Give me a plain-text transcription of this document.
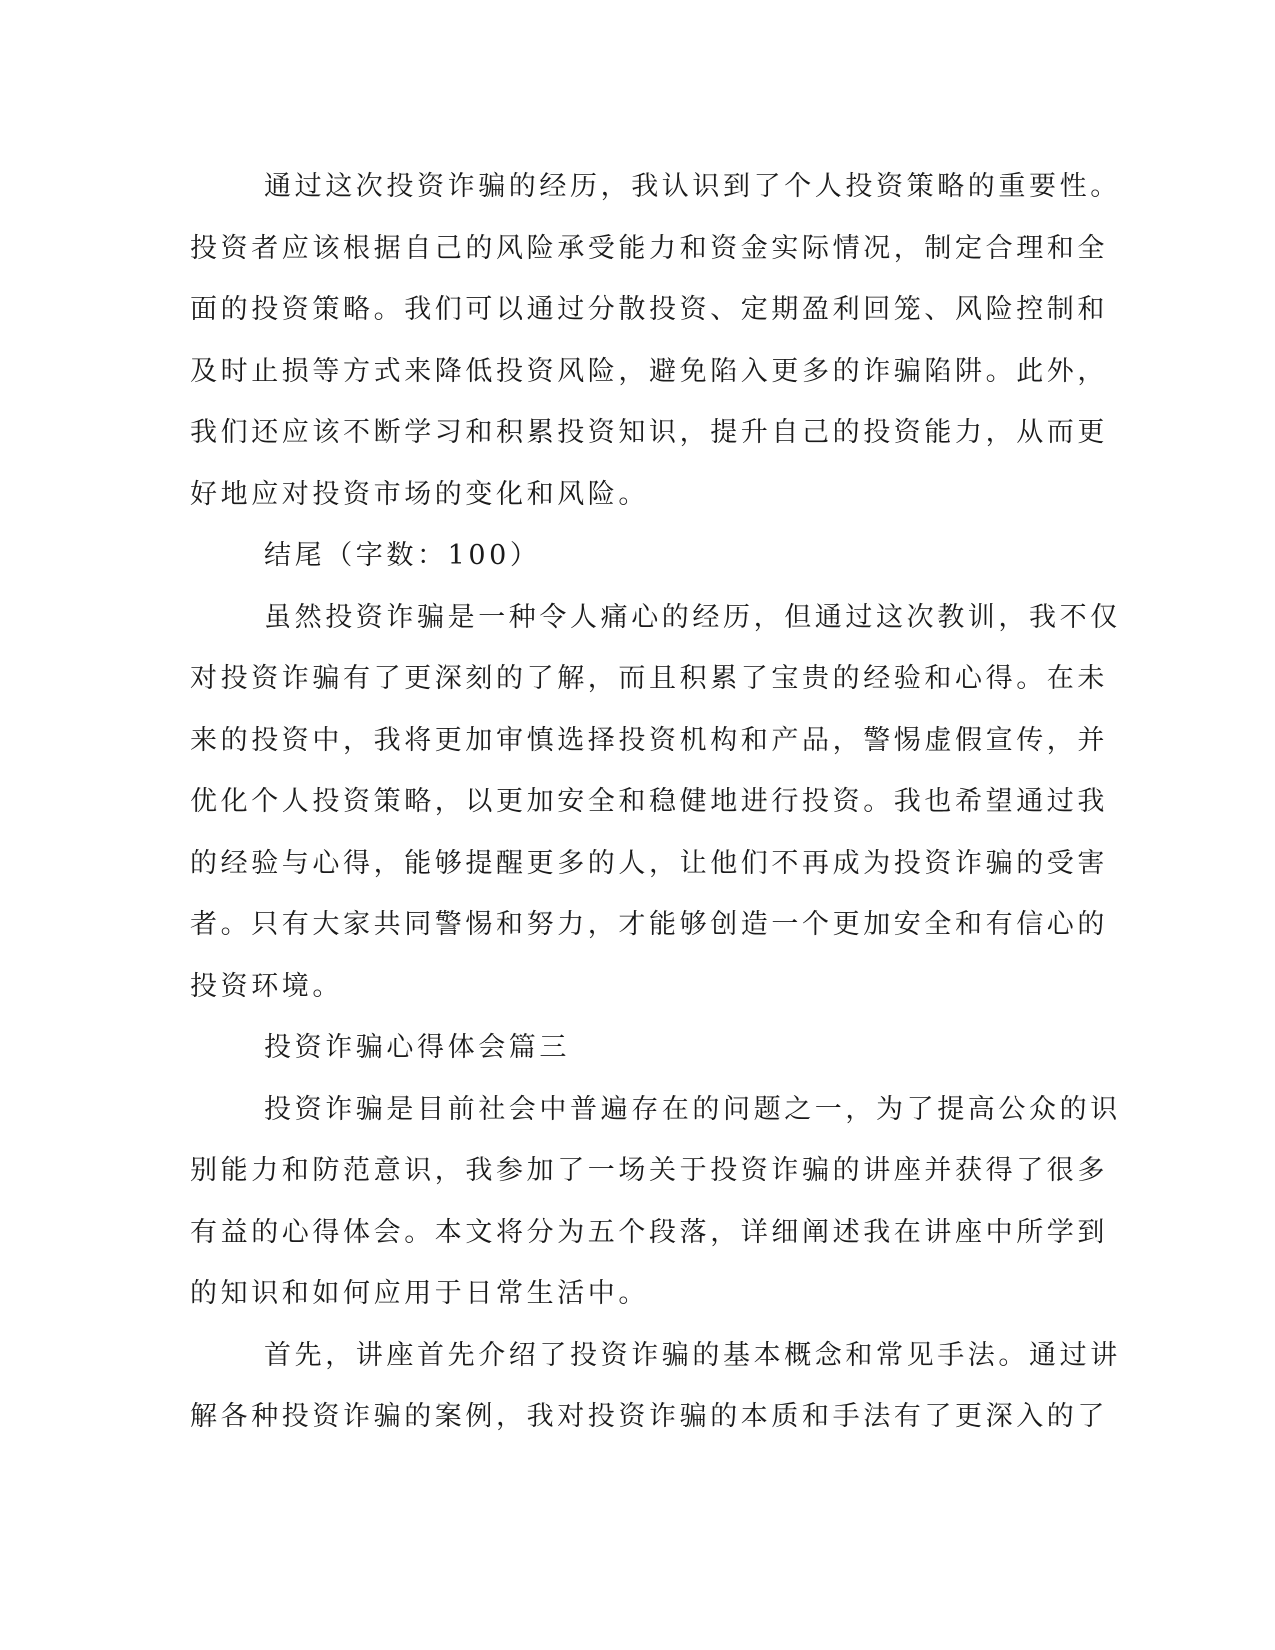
通过这次投资诈骗的经历，我认识到了个人投资策略的重要性。
投资者应该根据自己的风险承受能力和资金实际情况，制定合理和全
面的投资策略。我们可以通过分散投资、定期盈利回笼、风险控制和
及时止损等方式来降低投资风险，避免陷入更多的诈骗陷阱。此外，
我们还应该不断学习和积累投资知识，提升自己的投资能力，从而更
好地应对投资市场的变化和风险。
结尾（字数：100）
虽然投资诈骗是一种令人痛心的经历，但通过这次教训，我不仅
对投资诈骗有了更深刻的了解，而且积累了宝贵的经验和心得。在未
来的投资中，我将更加审慎选择投资机构和产品，警惕虚假宣传，并
优化个人投资策略，以更加安全和稳健地进行投资。我也希望通过我
的经验与心得，能够提醒更多的人，让他们不再成为投资诈骗的受害
者。只有大家共同警惕和努力，才能够创造一个更加安全和有信心的
投资环境。
投资诈骗心得体会篇三
投资诈骗是目前社会中普遍存在的问题之一，为了提高公众的识
别能力和防范意识，我参加了一场关于投资诈骗的讲座并获得了很多
有益的心得体会。本文将分为五个段落，详细阐述我在讲座中所学到
的知识和如何应用于日常生活中。
首先，讲座首先介绍了投资诈骗的基本概念和常见手法。通过讲
解各种投资诈骗的案例，我对投资诈骗的本质和手法有了更深入的了
